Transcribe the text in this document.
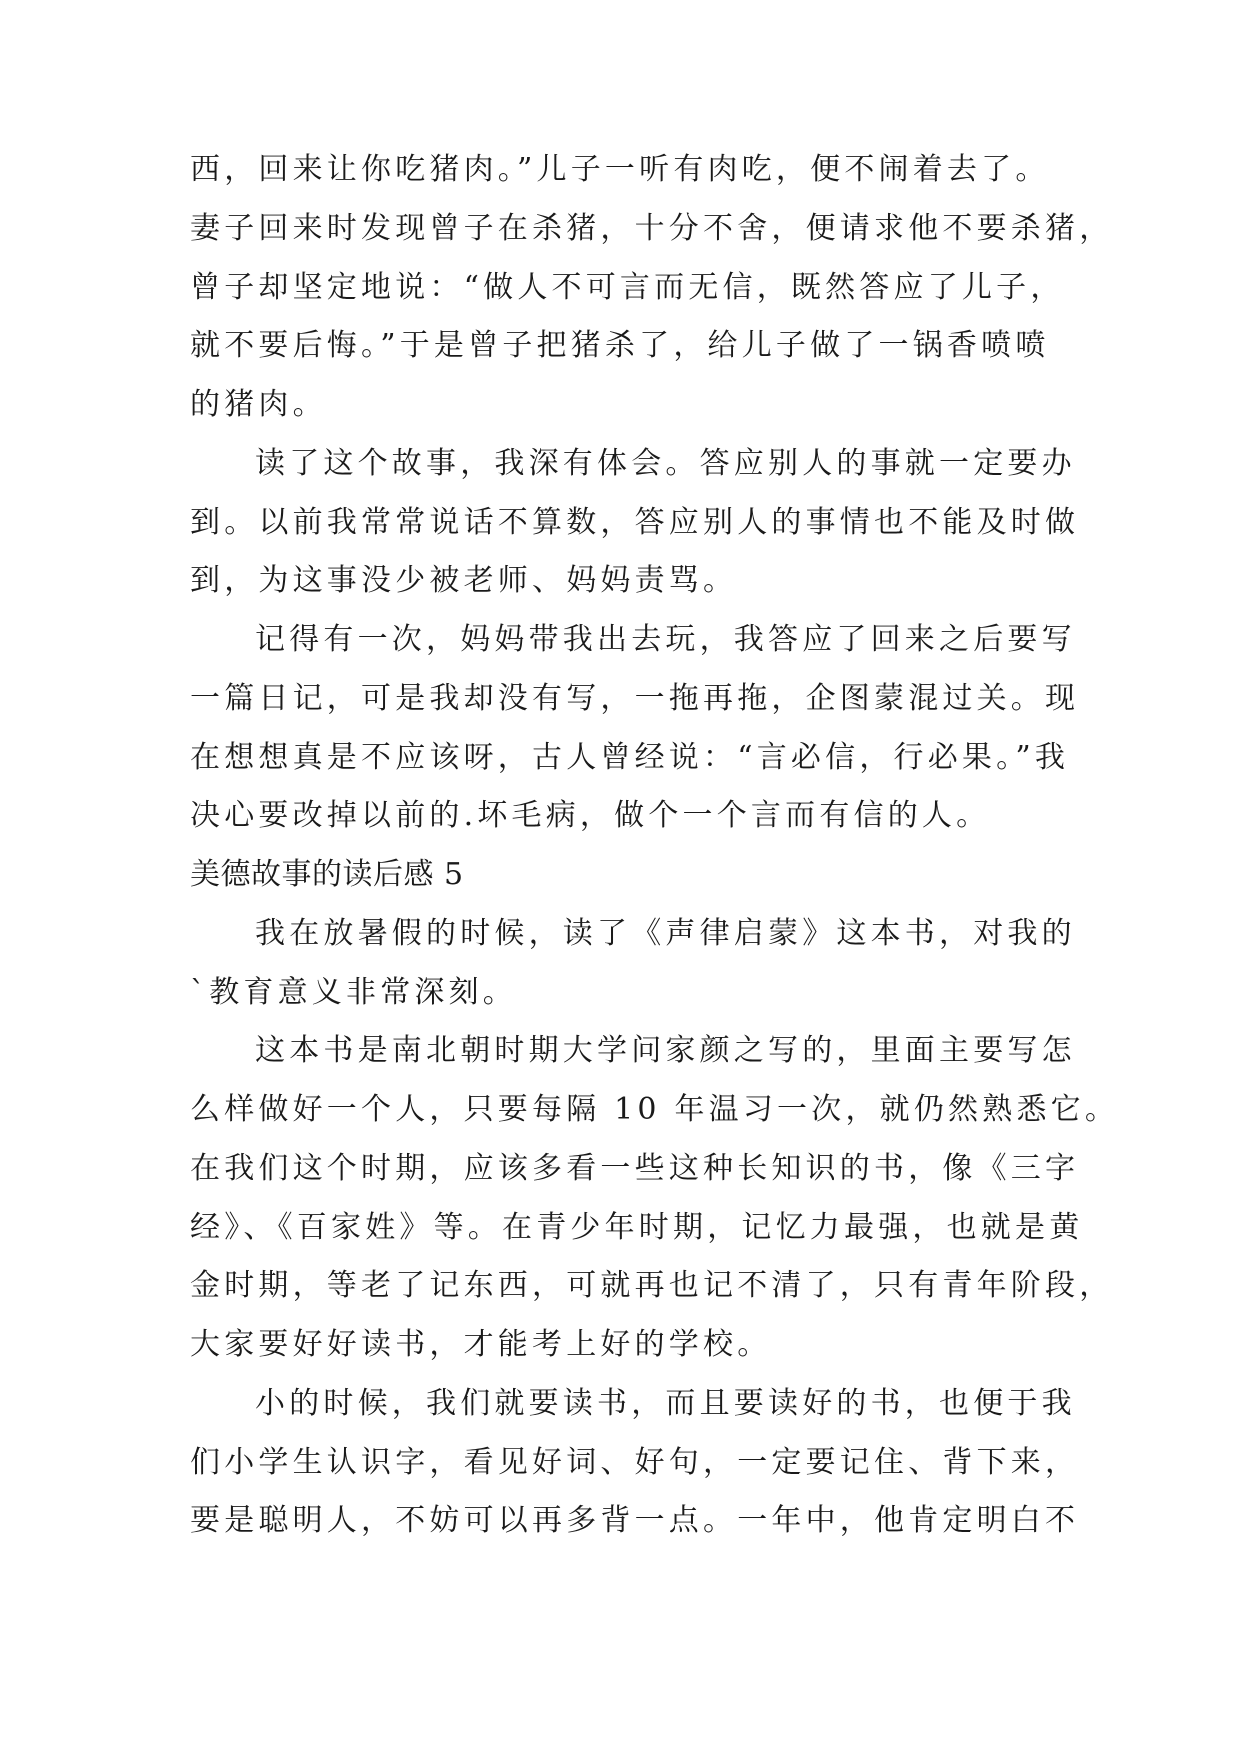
西，回来让你吃猪肉。”儿子一听有肉吃，便不闹着去了。
妻子回来时发现曾子在杀猪，十分不舍，便请求他不要杀猪，
曾子却坚定地说：“做人不可言而无信，既然答应了儿子，
就不要后悔。”于是曾子把猪杀了，给儿子做了一锅香喷喷
的猪肉。
读了这个故事，我深有体会。答应别人的事就一定要办
到。以前我常常说话不算数，答应别人的事情也不能及时做
到，为这事没少被老师、妈妈责骂。
记得有一次，妈妈带我出去玩，我答应了回来之后要写
一篇日记，可是我却没有写，一拖再拖，企图蒙混过关。现
在想想真是不应该呀，古人曾经说：“言必信，行必果。”我
决心要改掉以前的.坏毛病，做个一个言而有信的人。
美德故事的读后感 5
我在放暑假的时候，读了《声律启蒙》这本书，对我的
`教育意义非常深刻。
这本书是南北朝时期大学问家颜之写的，里面主要写怎
么样做好一个人，只要每隔 10 年温习一次，就仍然熟悉它。
在我们这个时期，应该多看一些这种长知识的书，像《三字
经》、《百家姓》等。在青少年时期，记忆力最强，也就是黄
金时期，等老了记东西，可就再也记不清了，只有青年阶段，
大家要好好读书，才能考上好的学校。
小的时候，我们就要读书，而且要读好的书，也便于我
们小学生认识字，看见好词、好句，一定要记住、背下来，
要是聪明人，不妨可以再多背一点。一年中，他肯定明白不
